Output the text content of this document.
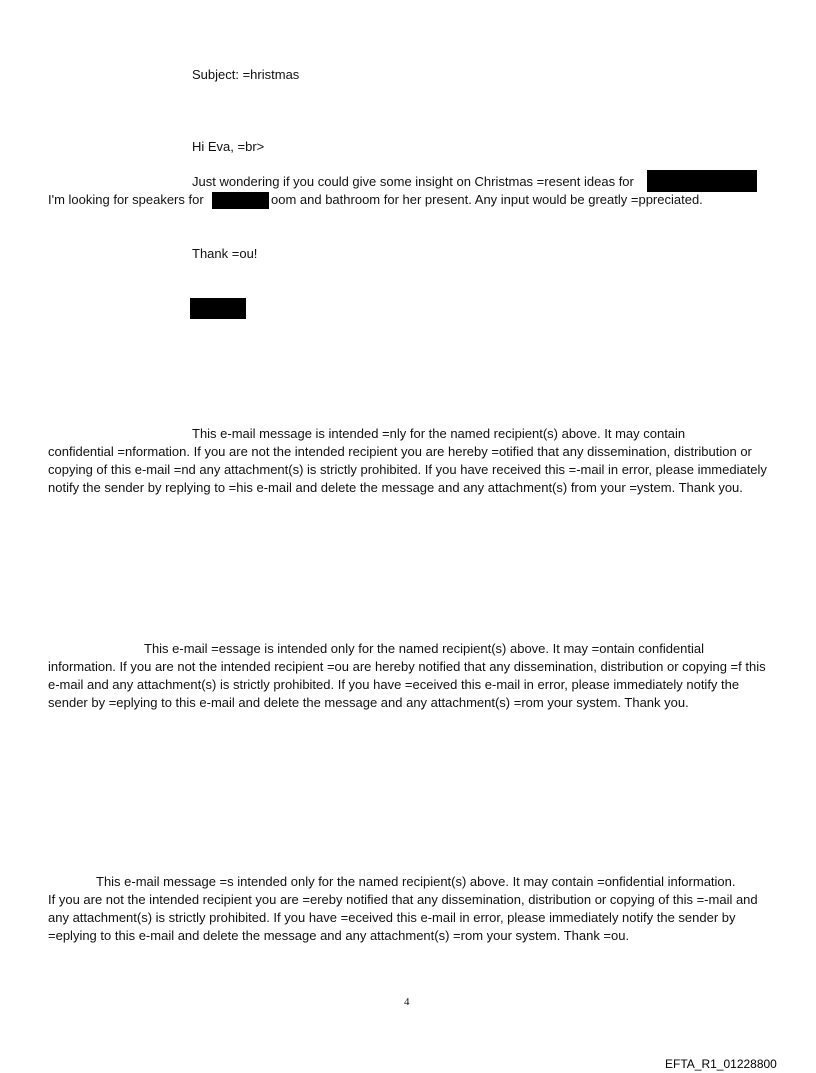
Subject: =hristmas
Hi Eva, =br>
Just wondering if you could give some insight on Christmas =resent ideas for
I'm looking for speakers for	oom and bathroom for her present. Any input would be greatly =ppreciated.
Thank =ou!
This e-mail message is intended =nly for the named recipient(s) above. It may contain
confidential =nformation. If you are not the intended recipient you are hereby =otified that any dissemination, distribution or copying of this e-mail =nd any attachment(s) is strictly prohibited. If you have received this =-mail in error, please immediately notify the sender by replying to =his e-mail and delete the message and any attachment(s) from your =ystem. Thank you.
This e-mail =essage is intended only for the named recipient(s) above. It may =ontain confidential
information. If you are not the intended recipient =ou are hereby notified that any dissemination, distribution or copying =f this e-mail and any attachment(s) is strictly prohibited. If you have =eceived this e-mail in error, please immediately notify the sender by =eplying to this e-mail and delete the message and any attachment(s) =rom your system. Thank you.
This e-mail message =s intended only for the named recipient(s) above. It may contain =onfidential information.
If you are not the intended recipient you are =ereby notified that any dissemination, distribution or copying of this =-mail and any attachment(s) is strictly prohibited. If you have =eceived this e-mail in error, please immediately notify the sender by =eplying to this e-mail and delete the message and any attachment(s) =rom your system. Thank =ou.
4
EFTA_R1_01228800
